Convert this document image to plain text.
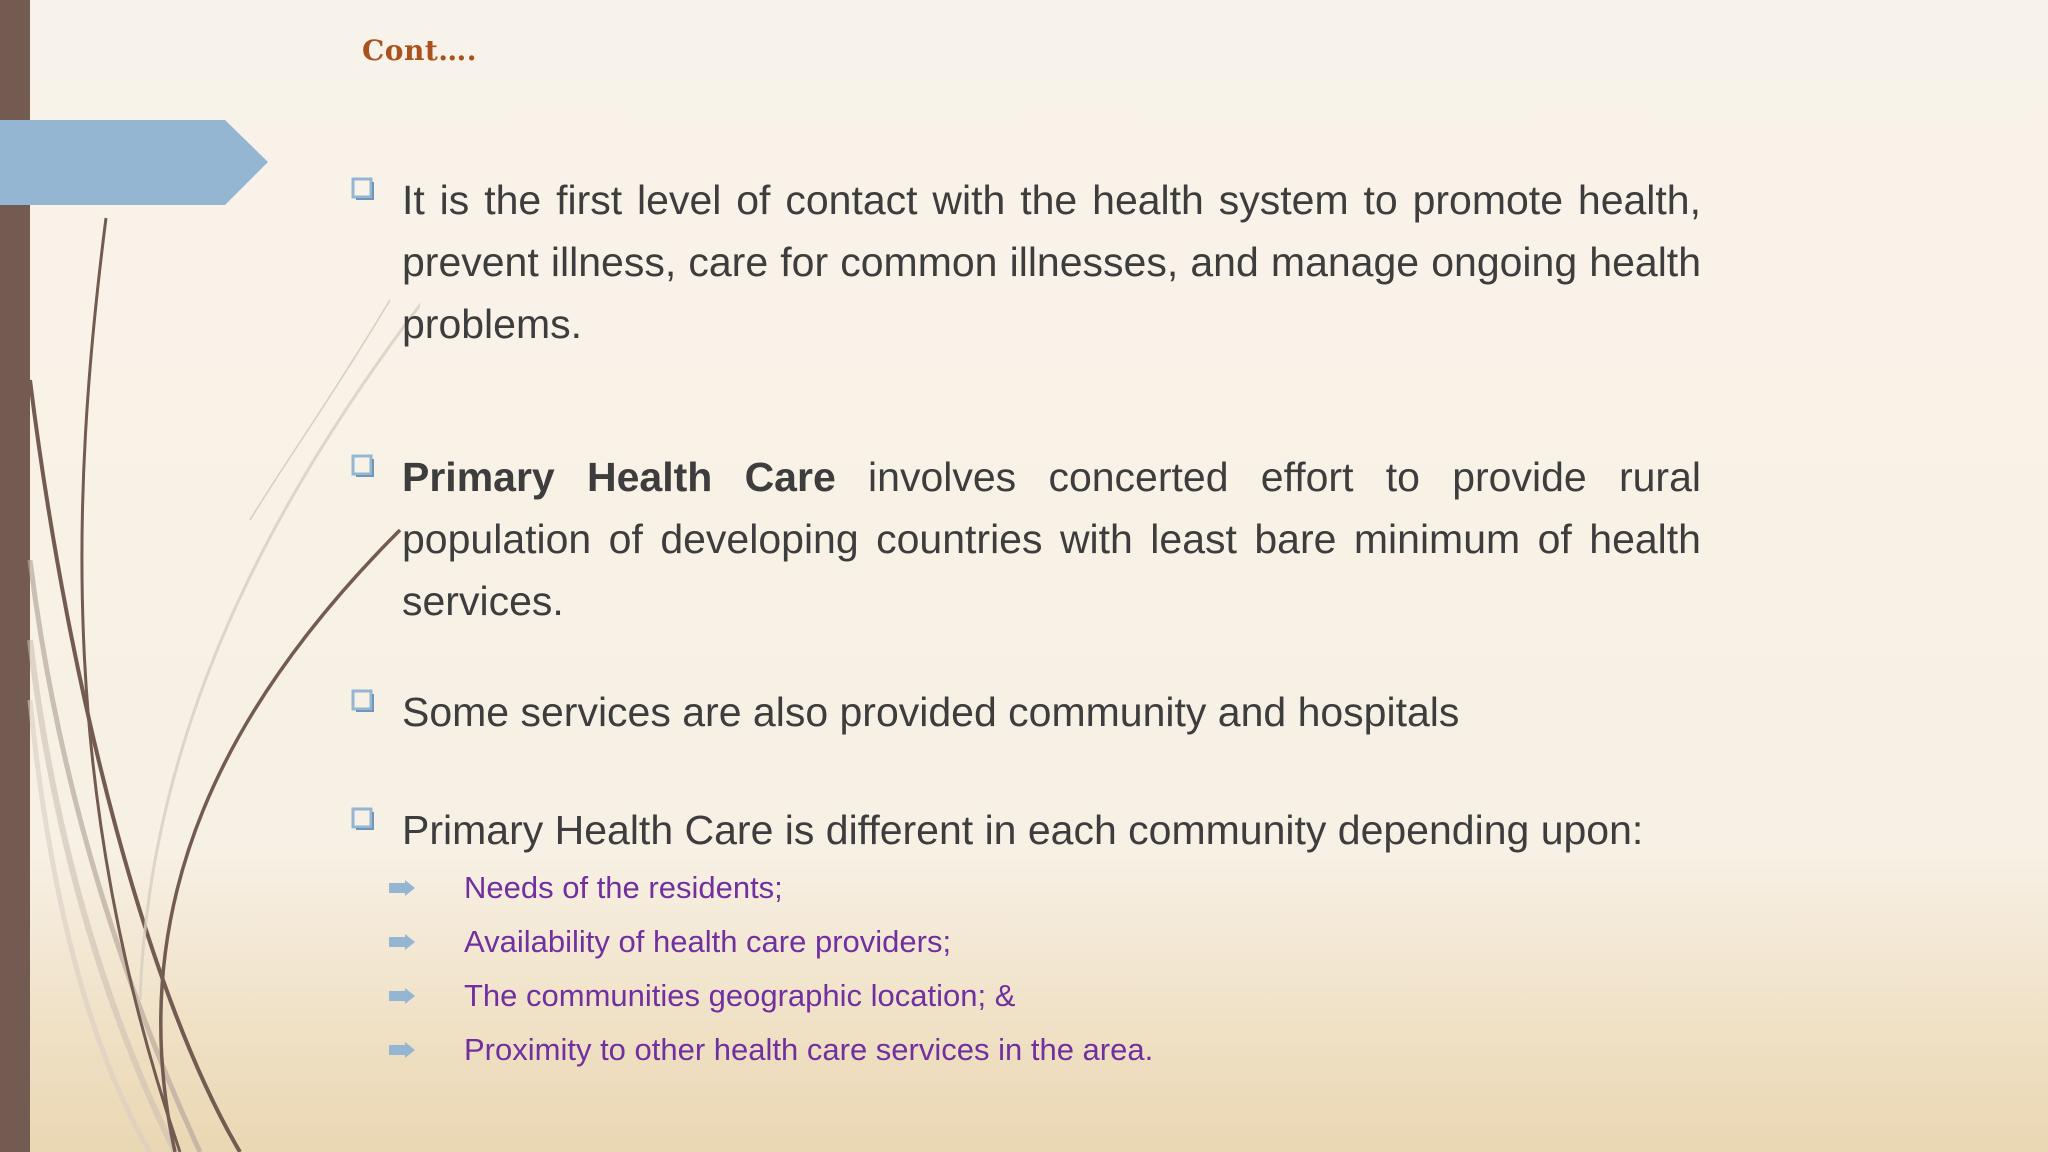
Cont….
It is the first level of contact with the health system to promote health, prevent illness, care for common illnesses, and manage ongoing health problems.
Primary Health Care involves concerted effort to provide rural population of developing countries with least bare minimum of health services.
Some services are also provided community and hospitals
Primary Health Care is different in each community depending upon:
Needs of the residents;
Availability of health care providers;
The communities geographic location; &
Proximity to other health care services in the area.
